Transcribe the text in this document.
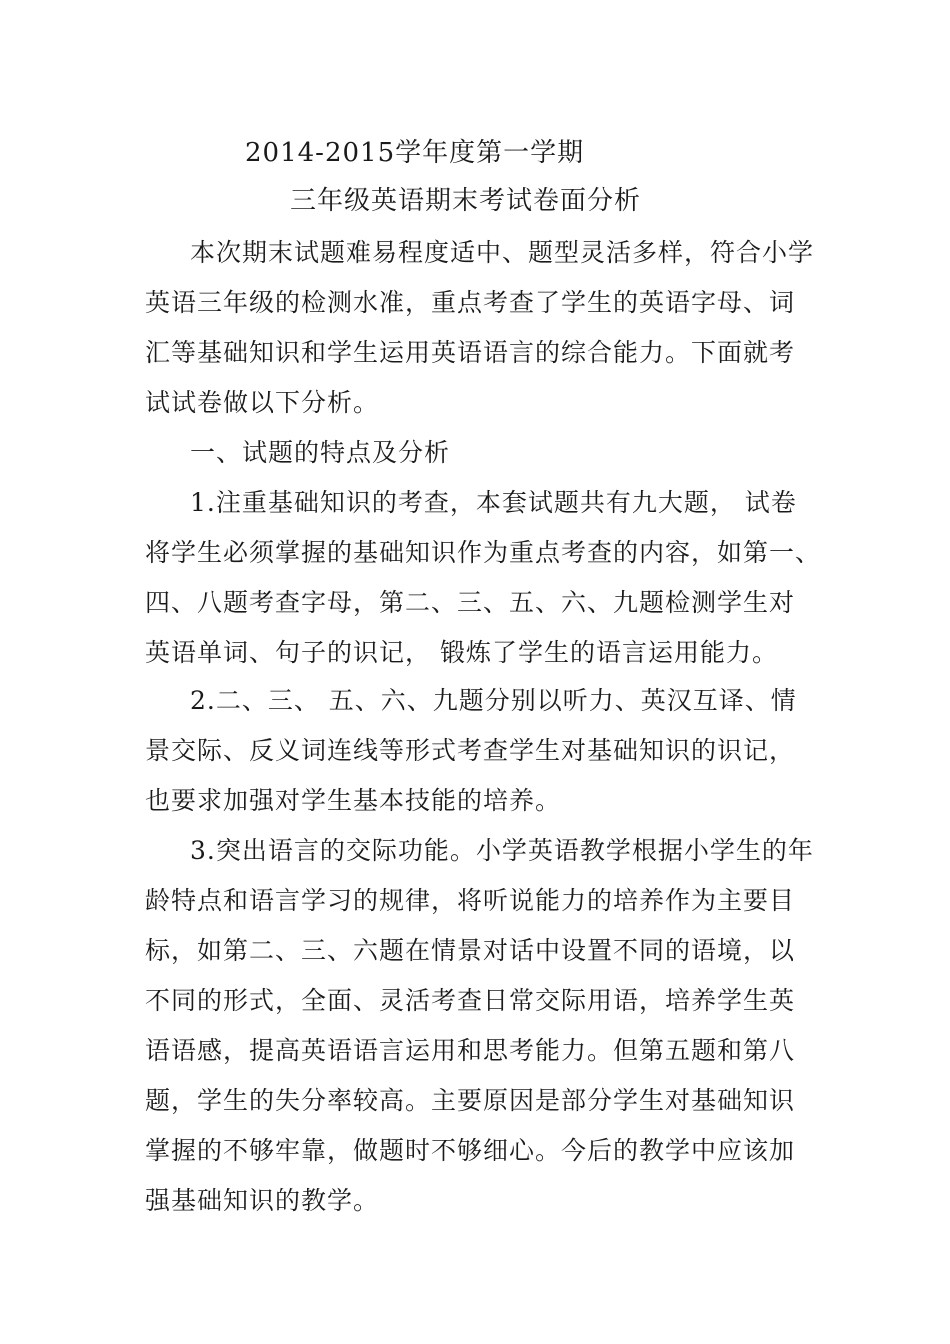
2014-2015学年度第一学期
三年级英语期末考试卷面分析
本次期末试题难易程度适中、题型灵活多样，符合小学
英语三年级的检测水准，重点考查了学生的英语字母、词
汇等基础知识和学生运用英语语言的综合能力。下面就考
试试卷做以下分析。
一、试题的特点及分析
1.注重基础知识的考查，本套试题共有九大题， 试卷
将学生必须掌握的基础知识作为重点考查的内容，如第一、
四、八题考查字母，第二、三、五、六、九题检测学生对
英语单词、句子的识记， 锻炼了学生的语言运用能力。
2.二、三、 五、六、九题分别以听力、英汉互译、情
景交际、反义词连线等形式考查学生对基础知识的识记，
也要求加强对学生基本技能的培养。
3.突出语言的交际功能。小学英语教学根据小学生的年
龄特点和语言学习的规律，将听说能力的培养作为主要目
标，如第二、三、六题在情景对话中设置不同的语境，以
不同的形式，全面、灵活考查日常交际用语，培养学生英
语语感，提高英语语言运用和思考能力。但第五题和第八
题，学生的失分率较高。主要原因是部分学生对基础知识
掌握的不够牢靠，做题时不够细心。今后的教学中应该加
强基础知识的教学。
